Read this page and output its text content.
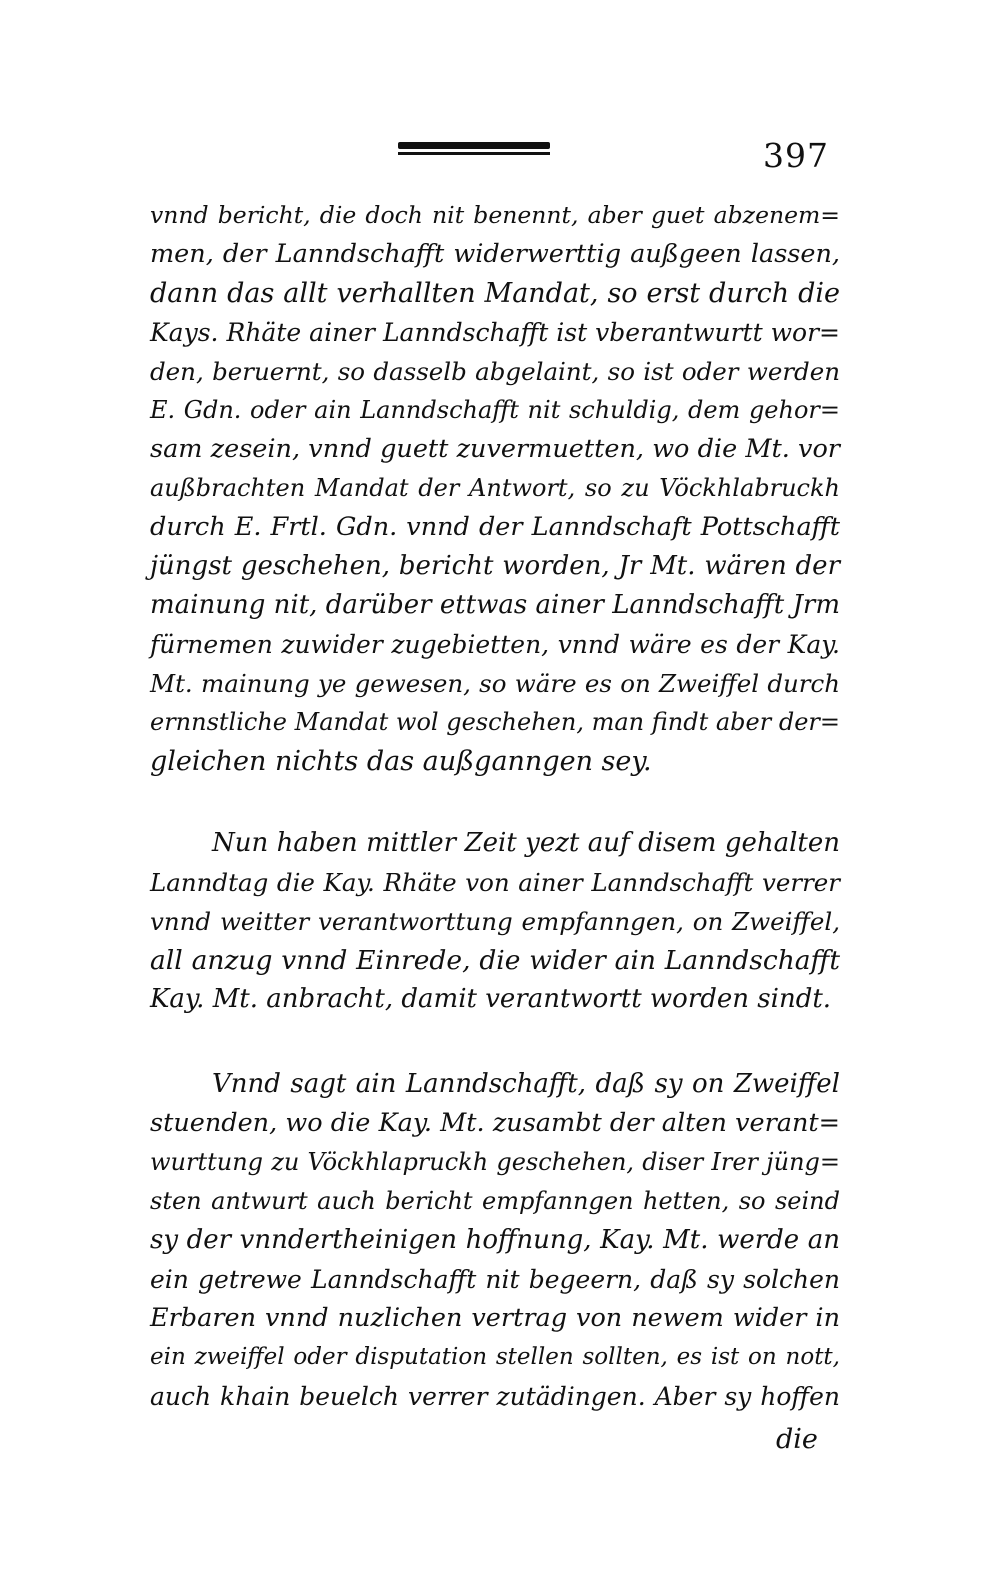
397
vnnd bericht, die doch nit benennt, aber guet abzenem=
men, der Lanndschafft widerwerttig außgeen lassen,
dann das allt verhallten Mandat, so erst durch die
Kays. Rhäte ainer Lanndschafft ist vberantwurtt wor=
den, beruernt, so dasselb abgelaint, so ist oder werden
E. Gdn. oder ain Lanndschafft nit schuldig, dem gehor=
sam zesein, vnnd guett zuvermuetten, wo die Mt. vor
außbrachten Mandat der Antwort, so zu Vöckhlabruckh
durch E. Frtl. Gdn. vnnd der Lanndschaft Pottschafft
jüngst geschehen, bericht worden, Jr Mt. wären der
mainung nit, darüber ettwas ainer Lanndschafft Jrm
fürnemen zuwider zugebietten, vnnd wäre es der Kay.
Mt. mainung ye gewesen, so wäre es on Zweiffel durch
ernnstliche Mandat wol geschehen, man findt aber der=
gleichen nichts das außganngen sey.
Nun haben mittler Zeit yezt auf disem gehalten
Lanndtag die Kay. Rhäte von ainer Lanndschafft verrer
vnnd weitter verantworttung empfanngen, on Zweiffel,
all anzug vnnd Einrede, die wider ain Lanndschafft
Kay. Mt. anbracht, damit verantwortt worden sindt.
Vnnd sagt ain Lanndschafft, daß sy on Zweiffel
stuenden, wo die Kay. Mt. zusambt der alten verant=
wurttung zu Vöckhlapruckh geschehen, diser Irer jüng=
sten antwurt auch bericht empfanngen hetten, so seind
sy der vnndertheinigen hoffnung, Kay. Mt. werde an
ein getrewe Lanndschafft nit begeern, daß sy solchen
Erbaren vnnd nuzlichen vertrag von newem wider in
ein zweiffel oder disputation stellen sollten, es ist on nott,
auch khain beuelch verrer zutädingen. Aber sy hoffen
die
